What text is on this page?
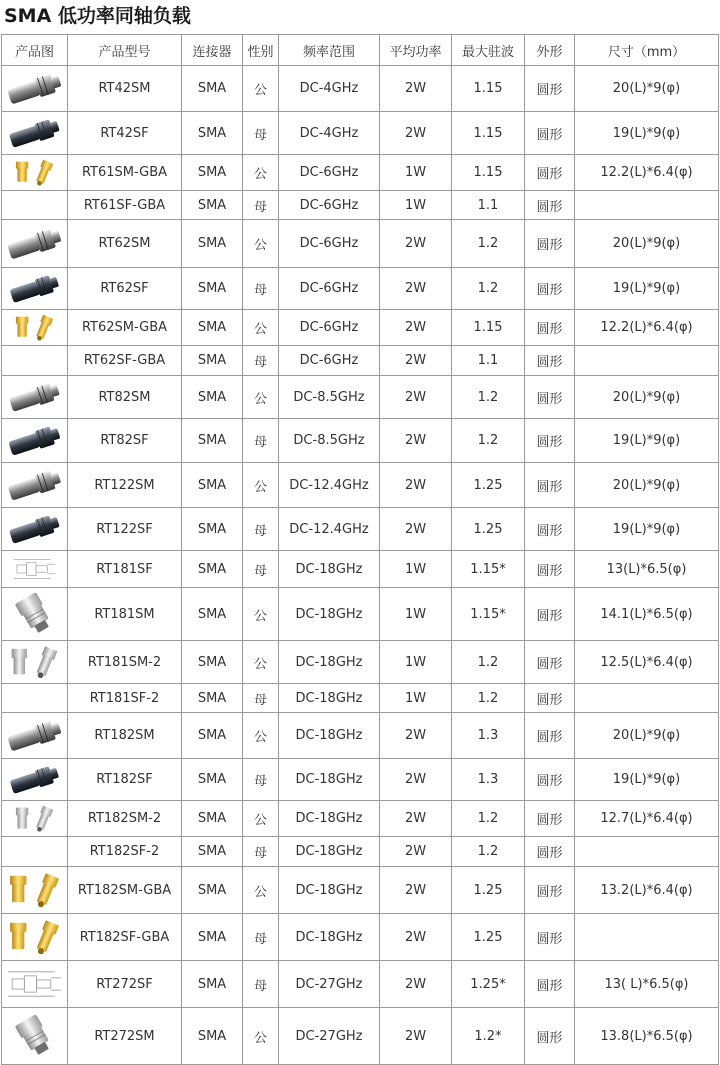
SMA 低功率同轴负载
产品图	产品型号	连接器	性别	频率范围	平均功率	最大驻波	外形	尺寸（mm）

	RT42SM	SMA	公	DC-4GHz	2W	1.15	圆形	20(L)*9(φ)

	RT42SF	SMA	母	DC-4GHz	2W	1.15	圆形	19(L)*9(φ)

	RT61SM-GBA	SMA	公	DC-6GHz	1W	1.15	圆形	12.2(L)*6.4(φ)
	RT61SF-GBA	SMA	母	DC-6GHz	1W	1.1	圆形	

	RT62SM	SMA	公	DC-6GHz	2W	1.2	圆形	20(L)*9(φ)

	RT62SF	SMA	母	DC-6GHz	2W	1.2	圆形	19(L)*9(φ)

	RT62SM-GBA	SMA	公	DC-6GHz	2W	1.15	圆形	12.2(L)*6.4(φ)
	RT62SF-GBA	SMA	母	DC-6GHz	2W	1.1	圆形	

	RT82SM	SMA	公	DC-8.5GHz	2W	1.2	圆形	20(L)*9(φ)

	RT82SF	SMA	母	DC-8.5GHz	2W	1.2	圆形	19(L)*9(φ)

	RT122SM	SMA	公	DC-12.4GHz	2W	1.25	圆形	20(L)*9(φ)

	RT122SF	SMA	母	DC-12.4GHz	2W	1.25	圆形	19(L)*9(φ)

	RT181SF	SMA	母	DC-18GHz	1W	1.15*	圆形	13(L)*6.5(φ)

	RT181SM	SMA	公	DC-18GHz	1W	1.15*	圆形	14.1(L)*6.5(φ)

	RT181SM-2	SMA	公	DC-18GHz	1W	1.2	圆形	12.5(L)*6.4(φ)
	RT181SF-2	SMA	母	DC-18GHz	1W	1.2	圆形	

	RT182SM	SMA	公	DC-18GHz	2W	1.3	圆形	20(L)*9(φ)

	RT182SF	SMA	母	DC-18GHz	2W	1.3	圆形	19(L)*9(φ)

	RT182SM-2	SMA	公	DC-18GHz	2W	1.2	圆形	12.7(L)*6.4(φ)
	RT182SF-2	SMA	母	DC-18GHz	2W	1.2	圆形	

	RT182SM-GBA	SMA	公	DC-18GHz	2W	1.25	圆形	13.2(L)*6.4(φ)

	RT182SF-GBA	SMA	母	DC-18GHz	2W	1.25	圆形	

	RT272SF	SMA	母	DC-27GHz	2W	1.25*	圆形	13( L)*6.5(φ)

	RT272SM	SMA	公	DC-27GHz	2W	1.2*	圆形	13.8(L)*6.5(φ)
